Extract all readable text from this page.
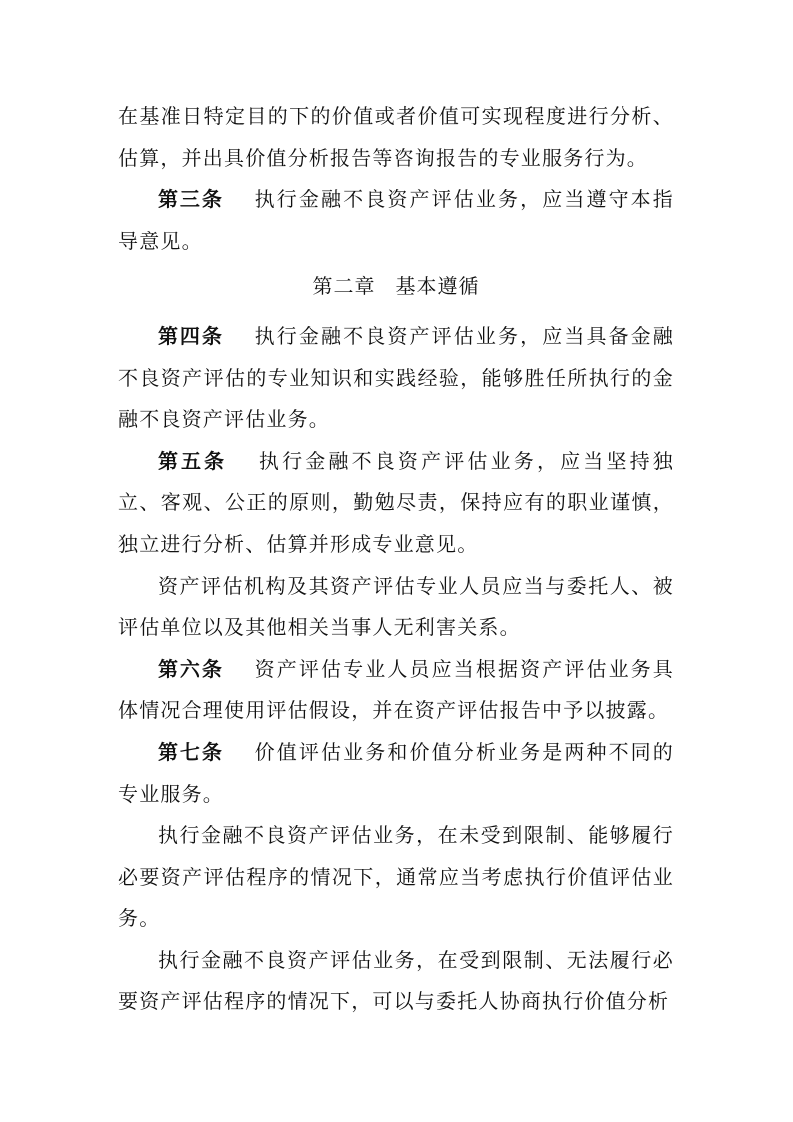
在基准日特定目的下的价值或者价值可实现程度进行分析、估算，并出具价值分析报告等咨询报告的专业服务行为。

第三条 执行金融不良资产评估业务，应当遵守本指导意见。

第二章 基本遵循

第四条 执行金融不良资产评估业务，应当具备金融不良资产评估的专业知识和实践经验，能够胜任所执行的金融不良资产评估业务。

第五条 执行金融不良资产评估业务，应当坚持独立、客观、公正的原则，勤勉尽责，保持应有的职业谨慎，独立进行分析、估算并形成专业意见。

资产评估机构及其资产评估专业人员应当与委托人、被评估单位以及其他相关当事人无利害关系。

第六条 资产评估专业人员应当根据资产评估业务具体情况合理使用评估假设，并在资产评估报告中予以披露。

第七条 价值评估业务和价值分析业务是两种不同的专业服务。

执行金融不良资产评估业务，在未受到限制、能够履行必要资产评估程序的情况下，通常应当考虑执行价值评估业务。

执行金融不良资产评估业务，在受到限制、无法履行必要资产评估程序的情况下，可以与委托人协商执行价值分析
